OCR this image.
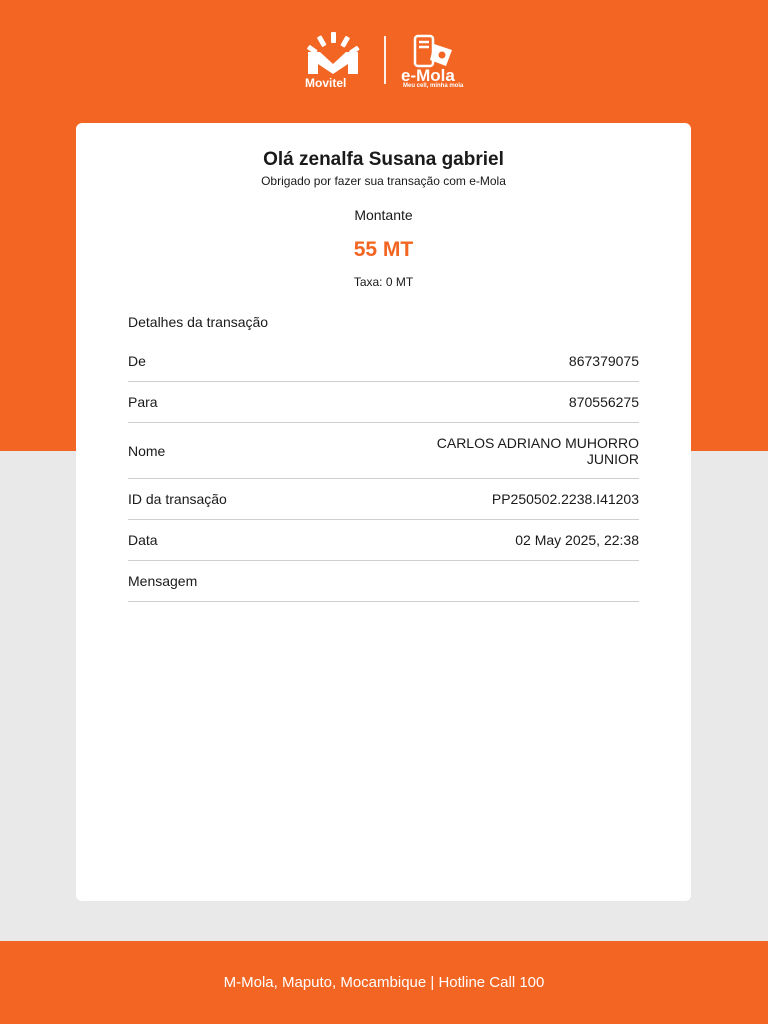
Movitel	e-Mola
Meu cell, minha mola
Olá zenalfa Susana gabriel
Obrigado por fazer sua transação com e-Mola
Montante
55 MT
Taxa: 0 MT
Detalhes da transação
De	867379075
Para	870556275
Nome	CARLOS ADRIANO MUHORRO JUNIOR
ID da transação	PP250502.2238.I41203
Data	02 May 2025, 22:38
Mensagem
M-Mola, Maputo, Mocambique | Hotline Call 100
